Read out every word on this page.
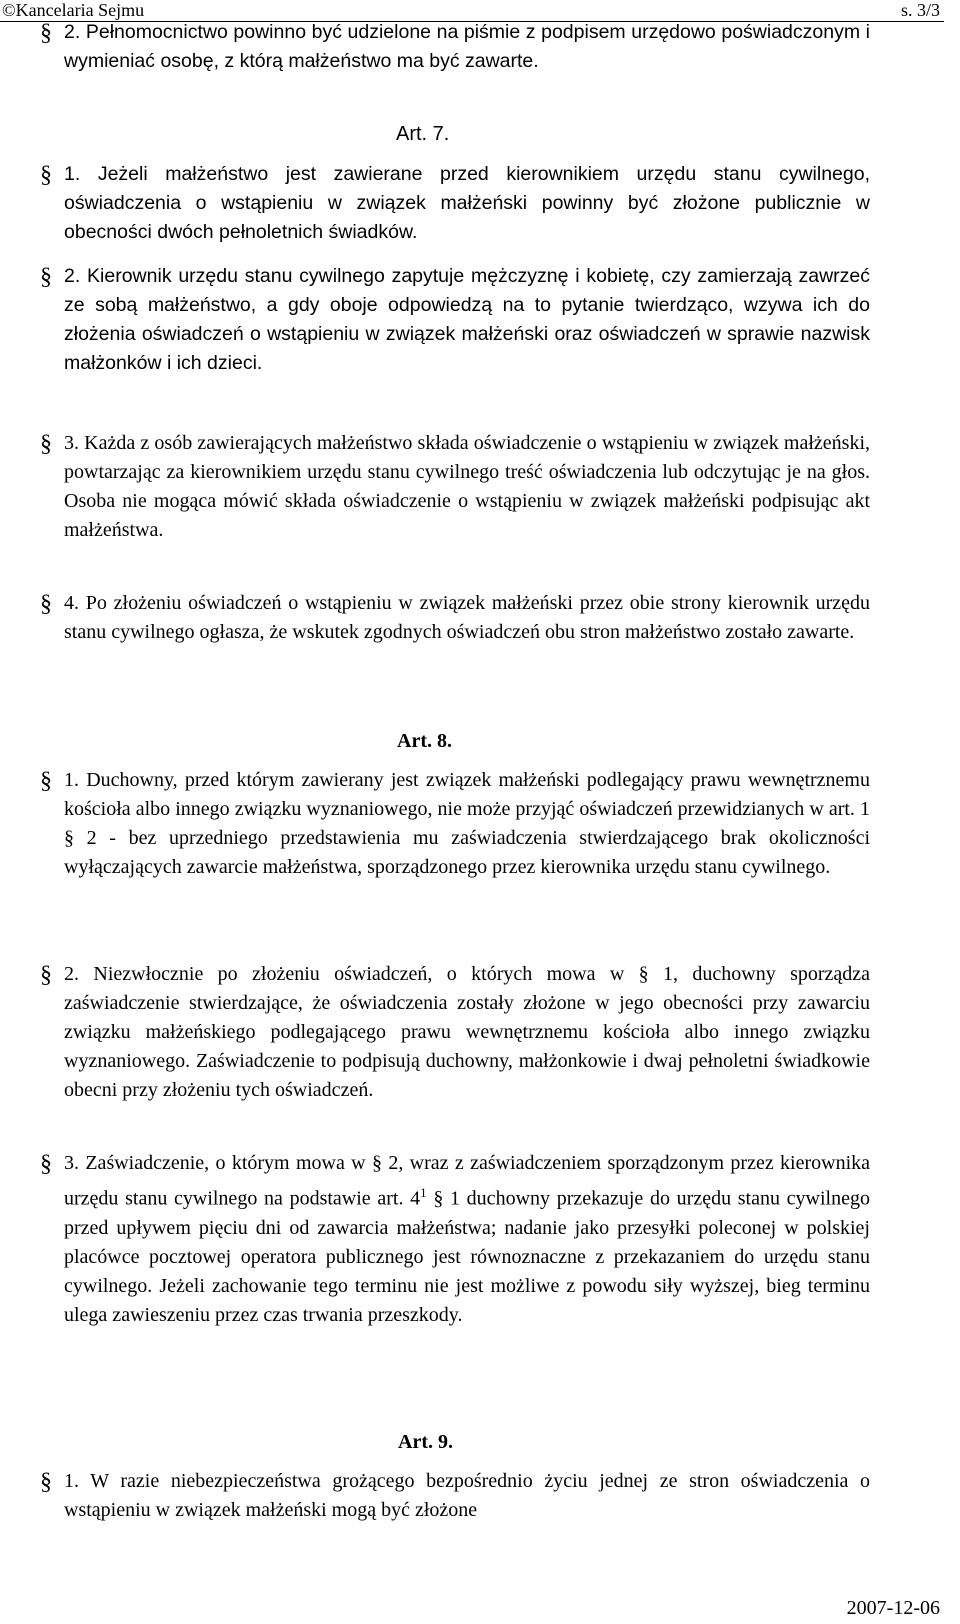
©Kancelaria Sejmu	s. 3/3
§ 2. Pełnomocnictwo powinno być udzielone na piśmie z podpisem urzędowo poświadczonym i wymieniać osobę, z którą małżeństwo ma być zawarte.

Art. 7.
§ 1. Jeżeli małżeństwo jest zawierane przed kierownikiem urzędu stanu cywilnego, oświadczenia o wstąpieniu w związek małżeński powinny być złożone publicznie w obecności dwóch pełnoletnich świadków.

§ 2. Kierownik urzędu stanu cywilnego zapytuje mężczyznę i kobietę, czy zamierzają zawrzeć ze sobą małżeństwo, a gdy oboje odpowiedzą na to pytanie twierdząco, wzywa ich do złożenia oświadczeń o wstąpieniu w związek małżeński oraz oświadczeń w sprawie nazwisk małżonków i ich dzieci.

§ 3. Każda z osób zawierających małżeństwo składa oświadczenie o wstąpieniu w związek małżeński, powtarzając za kierownikiem urzędu stanu cywilnego treść oświadczenia lub odczytując je na głos. Osoba nie mogąca mówić składa oświadczenie o wstąpieniu w związek małżeński podpisując akt małżeństwa.

§ 4. Po złożeniu oświadczeń o wstąpieniu w związek małżeński przez obie strony kierownik urzędu stanu cywilnego ogłasza, że wskutek zgodnych oświadczeń obu stron małżeństwo zostało zawarte.

Art. 8.
§ 1. Duchowny, przed którym zawierany jest związek małżeński podlegający prawu wewnętrznemu kościoła albo innego związku wyznaniowego, nie może przyjąć oświadczeń przewidzianych w art. 1 § 2 - bez uprzedniego przedstawienia mu zaświadczenia stwierdzającego brak okoliczności wyłączających zawarcie małżeństwa, sporządzonego przez kierownika urzędu stanu cywilnego.

§ 2. Niezwłocznie po złożeniu oświadczeń, o których mowa w § 1, duchowny sporządza zaświadczenie stwierdzające, że oświadczenia zostały złożone w jego obecności przy zawarciu związku małżeńskiego podlegającego prawu wewnętrznemu kościoła albo innego związku wyznaniowego. Zaświadczenie to podpisują duchowny, małżonkowie i dwaj pełnoletni świadkowie obecni przy złożeniu tych oświadczeń.

§ 3. Zaświadczenie, o którym mowa w § 2, wraz z zaświadczeniem sporządzonym przez kierownika urzędu stanu cywilnego na podstawie art. $4^1$ § 1 duchowny przekazuje do urzędu stanu cywilnego przed upływem pięciu dni od zawarcia małżeństwa; nadanie jako przesyłki poleconej w polskiej placówce pocztowej operatora publicznego jest równoznaczne z przekazaniem do urzędu stanu cywilnego. Jeżeli zachowanie tego terminu nie jest możliwe z powodu siły wyższej, bieg terminu ulega zawieszeniu przez czas trwania przeszkody.

Art. 9.
§ 1. W razie niebezpieczeństwa grożącego bezpośrednio życiu jednej ze stron oświadczenia o wstąpieniu w związek małżeński mogą być złożone

2007-12-06
